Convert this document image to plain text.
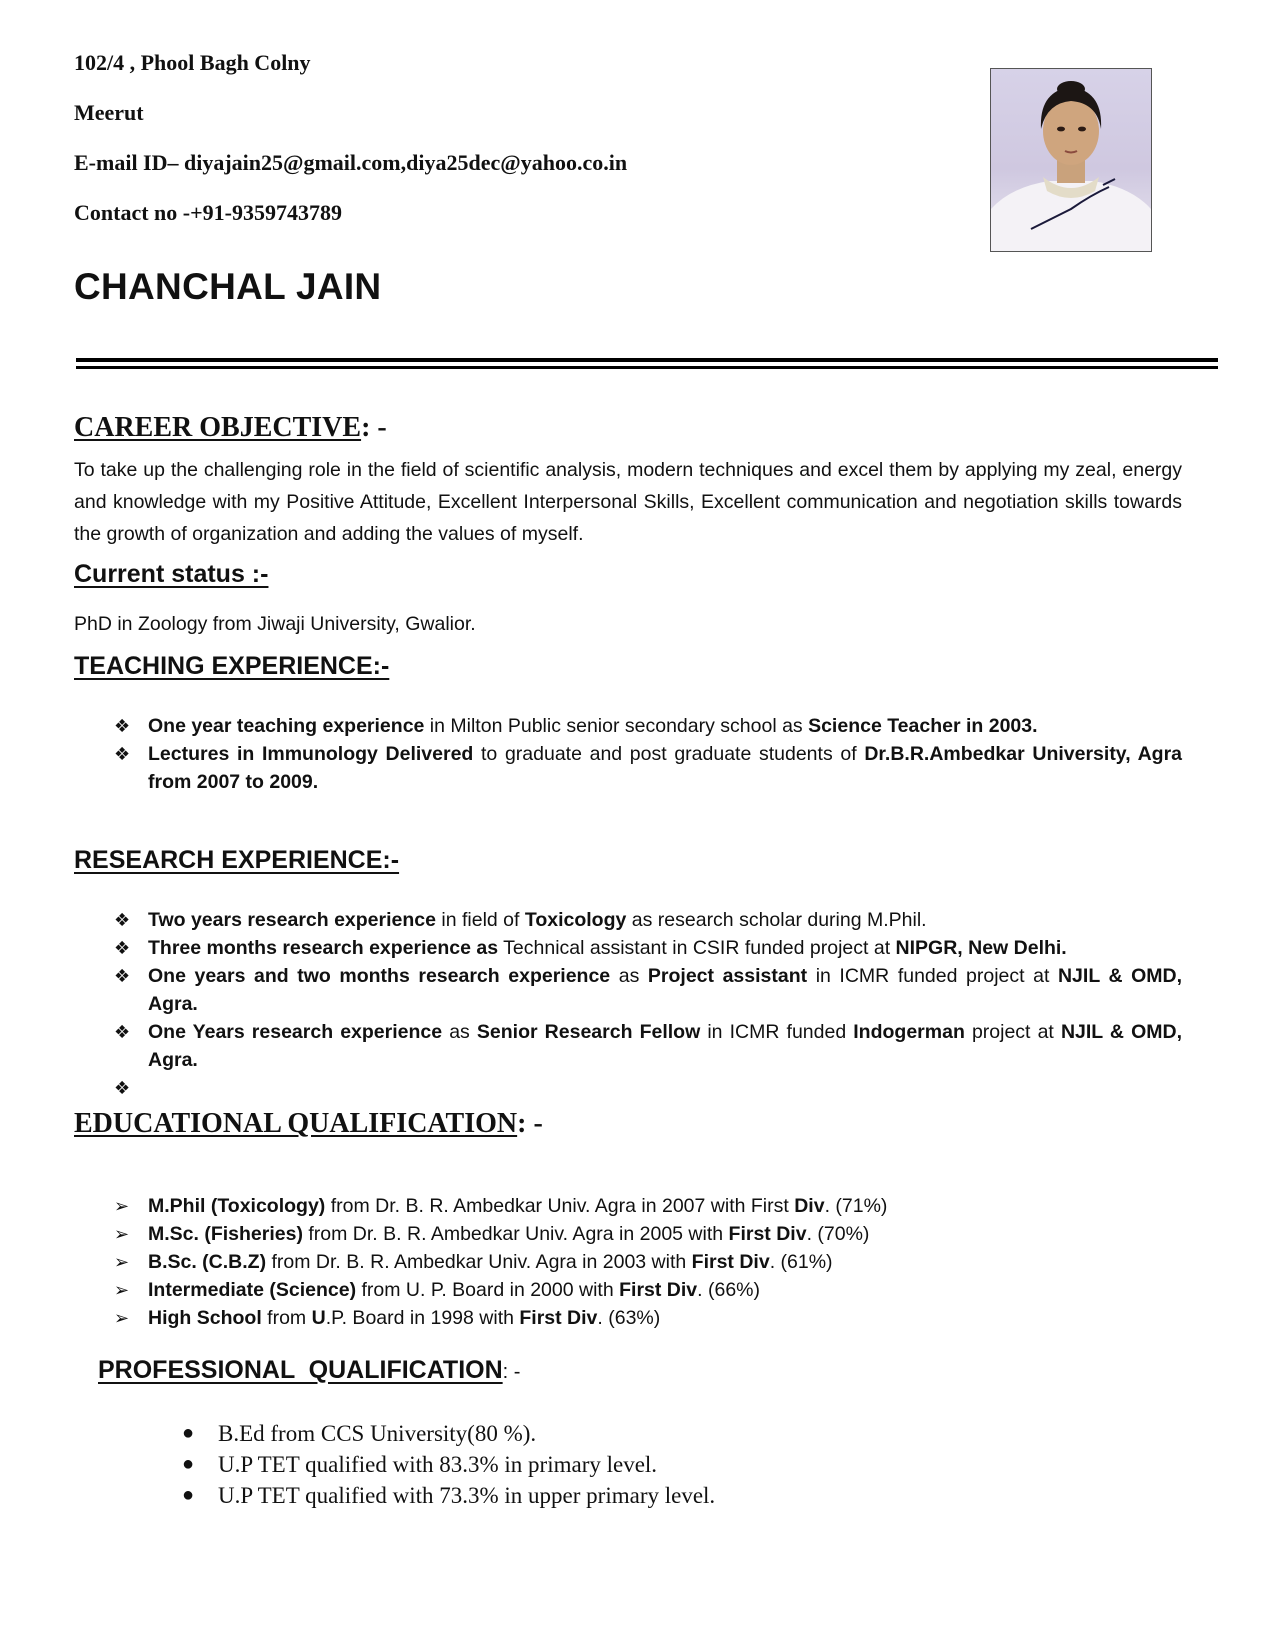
102/4 , Phool Bagh Colny
Meerut
E-mail ID– diyajain25@gmail.com,diya25dec@yahoo.co.in
Contact no -+91-9359743789
CHANCHAL JAIN
CAREER OBJECTIVE: -
To take up the challenging role in the field of scientific analysis, modern techniques and excel them by applying my zeal, energy and knowledge with my Positive Attitude, Excellent Interpersonal Skills, Excellent communication and negotiation skills towards the growth of organization and adding the values of myself.
Current status :-
PhD in Zoology from Jiwaji University, Gwalior.
TEACHING EXPERIENCE:-
❖ One year teaching experience in Milton Public senior secondary school as Science Teacher in 2003.
❖ Lectures in Immunology Delivered to graduate and post graduate students of Dr.B.R.Ambedkar University, Agra from 2007 to 2009.
RESEARCH EXPERIENCE:-
❖ Two years research experience in field of Toxicology as research scholar during M.Phil.
❖ Three months research experience as Technical assistant in CSIR funded project at NIPGR, New Delhi.
❖ One years and two months research experience as Project assistant in ICMR funded project at NJIL & OMD, Agra.
❖ One Years research experience as Senior Research Fellow in ICMR funded Indogerman project at NJIL & OMD, Agra.
❖

EDUCATIONAL QUALIFICATION: -
➢ M.Phil (Toxicology) from Dr. B. R. Ambedkar Univ. Agra in 2007 with First Div. (71%)
➢ M.Sc. (Fisheries) from Dr. B. R. Ambedkar Univ. Agra in 2005 with First Div. (70%)
➢ B.Sc. (C.B.Z) from Dr. B. R. Ambedkar Univ. Agra in 2003 with First Div. (61%)
➢ Intermediate (Science) from U. P. Board in 2000 with First Div. (66%)
➢ High School from U.P. Board in 1998 with First Div. (63%)
PROFESSIONAL  QUALIFICATION: -
● B.Ed from CCS University(80 %).
● U.P TET qualified with 83.3% in primary level.
● U.P TET qualified with 73.3% in upper primary level.
